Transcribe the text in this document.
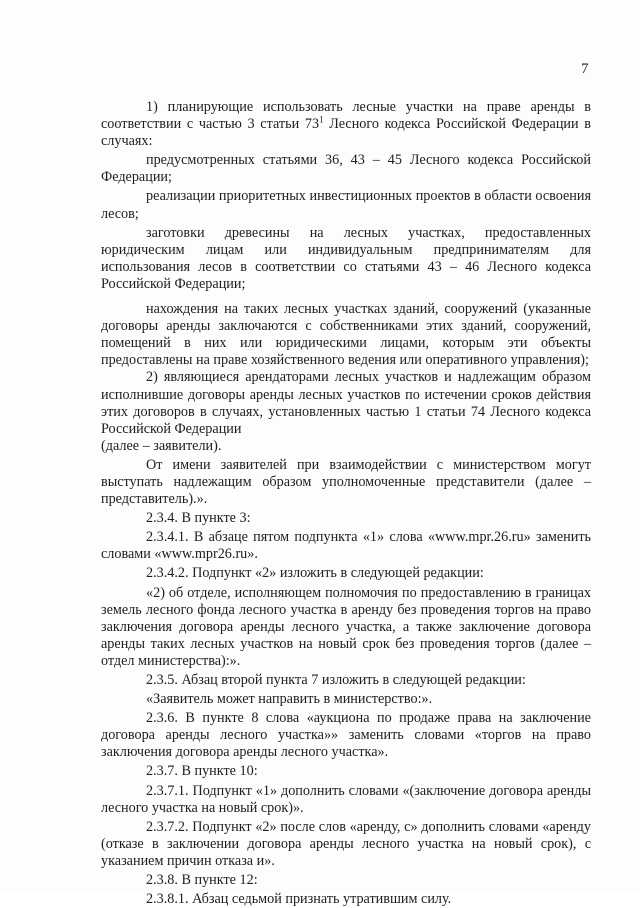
7

1) планирующие использовать лесные участки на праве аренды в соответствии с частью 3 статьи $73^1$ Лесного кодекса Российской Федерации в случаях:

предусмотренных статьями 36, 43 – 45 Лесного кодекса Российской Федерации;

реализации приоритетных инвестиционных проектов в области освоения лесов;

заготовки древесины на лесных участках, предоставленных юридическим лицам или индивидуальным предпринимателям для использования лесов в соответствии со статьями 43 – 46 Лесного кодекса Российской Федерации;

нахождения на таких лесных участках зданий, сооружений (указанные договоры аренды заключаются с собственниками этих зданий, сооружений, помещений в них или юридическими лицами, которым эти объекты предоставлены на праве хозяйственного ведения или оперативного управления);

2) являющиеся арендаторами лесных участков и надлежащим образом исполнившие договоры аренды лесных участков по истечении сроков действия этих договоров в случаях, установленных частью 1 статьи 74 Лесного кодекса Российской Федерации

(далее – заявители).

От имени заявителей при взаимодействии с министерством могут выступать надлежащим образом уполномоченные представители (далее – представитель).».

2.3.4. В пункте 3:

2.3.4.1. В абзаце пятом подпункта «1» слова «www.mpr.26.ru» заменить словами «www.mpr26.ru».

2.3.4.2. Подпункт «2» изложить в следующей редакции:

«2) об отделе, исполняющем полномочия по предоставлению в границах земель лесного фонда лесного участка в аренду без проведения торгов на право заключения договора аренды лесного участка, а также заключение договора аренды таких лесных участков на новый срок без проведения торгов (далее – отдел министерства):».

2.3.5. Абзац второй пункта 7 изложить в следующей редакции:

«Заявитель может направить в министерство:».

2.3.6. В пункте 8 слова «аукциона по продаже права на заключение договора аренды лесного участка»» заменить словами «торгов на право заключения договора аренды лесного участка».

2.3.7. В пункте 10:

2.3.7.1. Подпункт «1» дополнить словами «(заключение договора аренды лесного участка на новый срок)».

2.3.7.2. Подпункт «2» после слов «аренду, с» дополнить словами «аренду (отказе в заключении договора аренды лесного участка на новый срок), с указанием причин отказа и».

2.3.8. В пункте 12:

2.3.8.1. Абзац седьмой признать утратившим силу.
